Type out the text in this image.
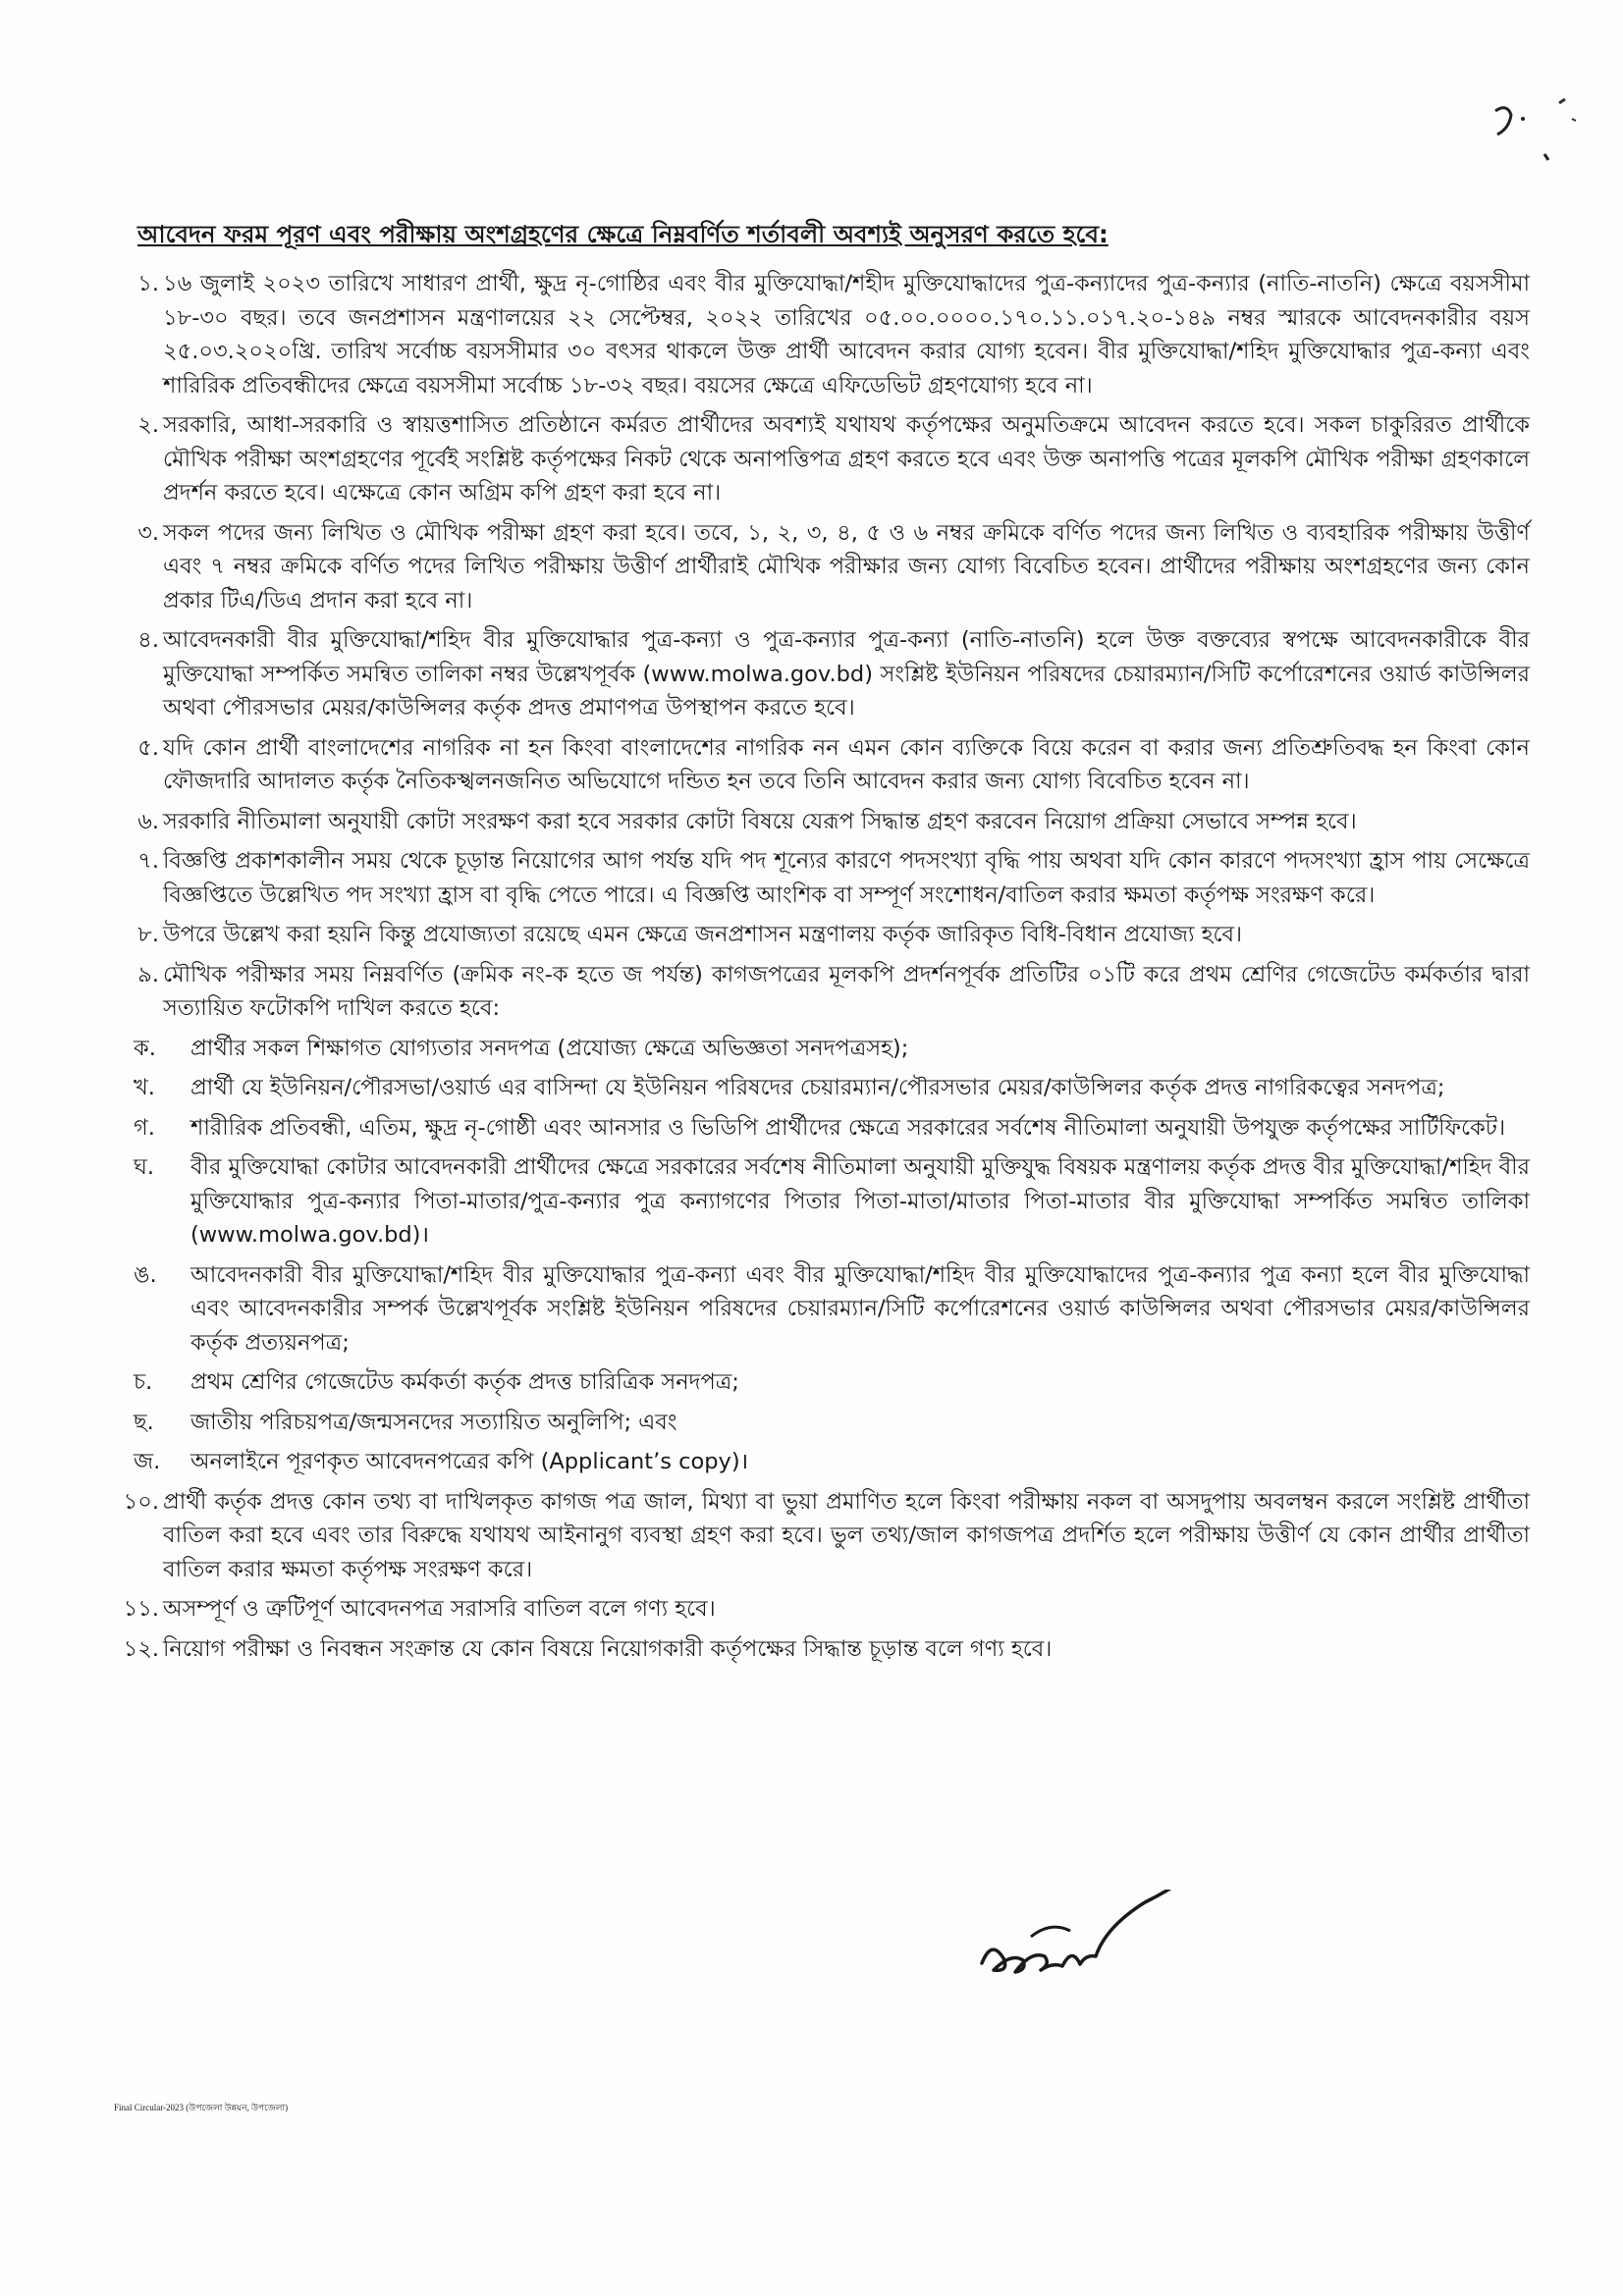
আবেদন ফরম পূরণ এবং পরীক্ষায় অংশগ্রহণের ক্ষেত্রে নিম্নবর্ণিত শর্তাবলী অবশ্যই অনুসরণ করতে হবে:
১. ১৬ জুলাই ২০২৩ তারিখে সাধারণ প্রার্থী, ক্ষুদ্র নৃ-গোষ্ঠির এবং বীর মুক্তিযোদ্ধা/শহীদ মুক্তিযোদ্ধাদের পুত্র-কন্যাদের পুত্র-কন্যার (নাতি-নাতনি) ক্ষেত্রে বয়সসীমা ১৮-৩০ বছর। তবে জনপ্রশাসন মন্ত্রণালয়ের ২২ সেপ্টেম্বর, ২০২২ তারিখের ০৫.০০.০০০০.১৭০.১১.০১৭.২০-১৪৯ নম্বর স্মারকে আবেদনকারীর বয়স ২৫.০৩.২০২০খ্রি. তারিখ সর্বোচ্চ বয়সসীমার ৩০ বৎসর থাকলে উক্ত প্রার্থী আবেদন করার যোগ্য হবেন। বীর মুক্তিযোদ্ধা/শহিদ মুক্তিযোদ্ধার পুত্র-কন্যা এবং শারিরিক প্রতিবন্ধীদের ক্ষেত্রে বয়সসীমা সর্বোচ্চ ১৮-৩২ বছর। বয়সের ক্ষেত্রে এফিডেভিট গ্রহণযোগ্য হবে না।
২. সরকারি, আধা-সরকারি ও স্বায়ত্তশাসিত প্রতিষ্ঠানে কর্মরত প্রার্থীদের অবশ্যই যথাযথ কর্তৃপক্ষের অনুমতিক্রমে আবেদন করতে হবে। সকল চাকুরিরত প্রার্থীকে মৌখিক পরীক্ষা অংশগ্রহণের পূর্বেই সংশ্লিষ্ট কর্তৃপক্ষের নিকট থেকে অনাপত্তিপত্র গ্রহণ করতে হবে এবং উক্ত অনাপত্তি পত্রের মূলকপি মৌখিক পরীক্ষা গ্রহণকালে প্রদর্শন করতে হবে। এক্ষেত্রে কোন অগ্রিম কপি গ্রহণ করা হবে না।
৩. সকল পদের জন্য লিখিত ও মৌখিক পরীক্ষা গ্রহণ করা হবে। তবে, ১, ২, ৩, ৪, ৫ ও ৬ নম্বর ক্রমিকে বর্ণিত পদের জন্য লিখিত ও ব্যবহারিক পরীক্ষায় উত্তীর্ণ এবং ৭ নম্বর ক্রমিকে বর্ণিত পদের লিখিত পরীক্ষায় উত্তীর্ণ প্রার্থীরাই মৌখিক পরীক্ষার জন্য যোগ্য বিবেচিত হবেন। প্রার্থীদের পরীক্ষায় অংশগ্রহণের জন্য কোন প্রকার টিএ/ডিএ প্রদান করা হবে না।
৪. আবেদনকারী বীর মুক্তিযোদ্ধা/শহিদ বীর মুক্তিযোদ্ধার পুত্র-কন্যা ও পুত্র-কন্যার পুত্র-কন্যা (নাতি-নাতনি) হলে উক্ত বক্তব্যের স্বপক্ষে আবেদনকারীকে বীর মুক্তিযোদ্ধা সম্পর্কিত সমন্বিত তালিকা নম্বর উল্লেখপূর্বক (www.molwa.gov.bd) সংশ্লিষ্ট ইউনিয়ন পরিষদের চেয়ারম্যান/সিটি কর্পোরেশনের ওয়ার্ড কাউন্সিলর অথবা পৌরসভার মেয়র/কাউন্সিলর কর্তৃক প্রদত্ত প্রমাণপত্র উপস্থাপন করতে হবে।
৫. যদি কোন প্রার্থী বাংলাদেশের নাগরিক না হন কিংবা বাংলাদেশের নাগরিক নন এমন কোন ব্যক্তিকে বিয়ে করেন বা করার জন্য প্রতিশ্রুতিবদ্ধ হন কিংবা কোন ফৌজদারি আদালত কর্তৃক নৈতিকস্খলনজনিত অভিযোগে দন্ডিত হন তবে তিনি আবেদন করার জন্য যোগ্য বিবেচিত হবেন না।
৬. সরকারি নীতিমালা অনুযায়ী কোটা সংরক্ষণ করা হবে সরকার কোটা বিষয়ে যেরূপ সিদ্ধান্ত গ্রহণ করবেন নিয়োগ প্রক্রিয়া সেভাবে সম্পন্ন হবে।
৭. বিজ্ঞপ্তি প্রকাশকালীন সময় থেকে চূড়ান্ত নিয়োগের আগ পর্যন্ত যদি পদ শূন্যের কারণে পদসংখ্যা বৃদ্ধি পায় অথবা যদি কোন কারণে পদসংখ্যা হ্রাস পায় সেক্ষেত্রে বিজ্ঞপ্তিতে উল্লেখিত পদ সংখ্যা হ্রাস বা বৃদ্ধি পেতে পারে। এ বিজ্ঞপ্তি আংশিক বা সম্পূর্ণ সংশোধন/বাতিল করার ক্ষমতা কর্তৃপক্ষ সংরক্ষণ করে।
৮. উপরে উল্লেখ করা হয়নি কিন্তু প্রযোজ্যতা রয়েছে এমন ক্ষেত্রে জনপ্রশাসন মন্ত্রণালয় কর্তৃক জারিকৃত বিধি-বিধান প্রযোজ্য হবে।
৯. মৌখিক পরীক্ষার সময় নিম্নবর্ণিত (ক্রমিক নং-ক হতে জ পর্যন্ত) কাগজপত্রের মূলকপি প্রদর্শনপূর্বক প্রতিটির ০১টি করে প্রথম শ্রেণির গেজেটেড কর্মকর্তার দ্বারা সত্যায়িত ফটোকপি দাখিল করতে হবে:
ক.	প্রার্থীর সকল শিক্ষাগত যোগ্যতার সনদপত্র (প্রযোজ্য ক্ষেত্রে অভিজ্ঞতা সনদপত্রসহ);
খ.	প্রার্থী যে ইউনিয়ন/পৌরসভা/ওয়ার্ড এর বাসিন্দা যে ইউনিয়ন পরিষদের চেয়ারম্যান/পৌরসভার মেয়র/কাউন্সিলর কর্তৃক প্রদত্ত নাগরিকত্বের সনদপত্র;
গ.	শারীরিক প্রতিবন্ধী, এতিম, ক্ষুদ্র নৃ-গোষ্ঠী এবং আনসার ও ভিডিপি প্রার্থীদের ক্ষেত্রে সরকারের সর্বশেষ নীতিমালা অনুযায়ী উপযুক্ত কর্তৃপক্ষের সার্টিফিকেট।
ঘ.	বীর মুক্তিযোদ্ধা কোটার আবেদনকারী প্রার্থীদের ক্ষেত্রে সরকারের সর্বশেষ নীতিমালা অনুযায়ী মুক্তিযুদ্ধ বিষয়ক মন্ত্রণালয় কর্তৃক প্রদত্ত বীর মুক্তিযোদ্ধা/শহিদ বীর মুক্তিযোদ্ধার পুত্র-কন্যার পিতা-মাতার/পুত্র-কন্যার পুত্র কন্যাগণের পিতার পিতা-মাতা/মাতার পিতা-মাতার বীর মুক্তিযোদ্ধা সম্পর্কিত সমন্বিত তালিকা (www.molwa.gov.bd)।
ঙ.	আবেদনকারী বীর মুক্তিযোদ্ধা/শহিদ বীর মুক্তিযোদ্ধার পুত্র-কন্যা এবং বীর মুক্তিযোদ্ধা/শহিদ বীর মুক্তিযোদ্ধাদের পুত্র-কন্যার পুত্র কন্যা হলে বীর মুক্তিযোদ্ধা এবং আবেদনকারীর সম্পর্ক উল্লেখপূর্বক সংশ্লিষ্ট ইউনিয়ন পরিষদের চেয়ারম্যান/সিটি কর্পোরেশনের ওয়ার্ড কাউন্সিলর অথবা পৌরসভার মেয়র/কাউন্সিলর কর্তৃক প্রত্যয়নপত্র;
চ.	প্রথম শ্রেণির গেজেটেড কর্মকর্তা কর্তৃক প্রদত্ত চারিত্রিক সনদপত্র;
ছ.	জাতীয় পরিচয়পত্র/জন্মসনদের সত্যায়িত অনুলিপি; এবং
জ.	অনলাইনে পূরণকৃত আবেদনপত্রের কপি (Applicant’s copy)।
১০. প্রার্থী কর্তৃক প্রদত্ত কোন তথ্য বা দাখিলকৃত কাগজ পত্র জাল, মিথ্যা বা ভুয়া প্রমাণিত হলে কিংবা পরীক্ষায় নকল বা অসদুপায় অবলম্বন করলে সংশ্লিষ্ট প্রার্থীতা বাতিল করা হবে এবং তার বিরুদ্ধে যথাযথ আইনানুগ ব্যবস্থা গ্রহণ করা হবে। ভুল তথ্য/জাল কাগজপত্র প্রদর্শিত হলে পরীক্ষায় উত্তীর্ণ যে কোন প্রার্থীর প্রার্থীতা বাতিল করার ক্ষমতা কর্তৃপক্ষ সংরক্ষণ করে।
১১. অসম্পূর্ণ ও ত্রুটিপূর্ণ আবেদনপত্র সরাসরি বাতিল বলে গণ্য হবে।
১২. নিয়োগ পরীক্ষা ও নিবন্ধন সংক্রান্ত যে কোন বিষয়ে নিয়োগকারী কর্তৃপক্ষের সিদ্ধান্ত চূড়ান্ত বলে গণ্য হবে।
Final Circular-2023 (উপজেলা উন্নয়ন, উপজেলা)
